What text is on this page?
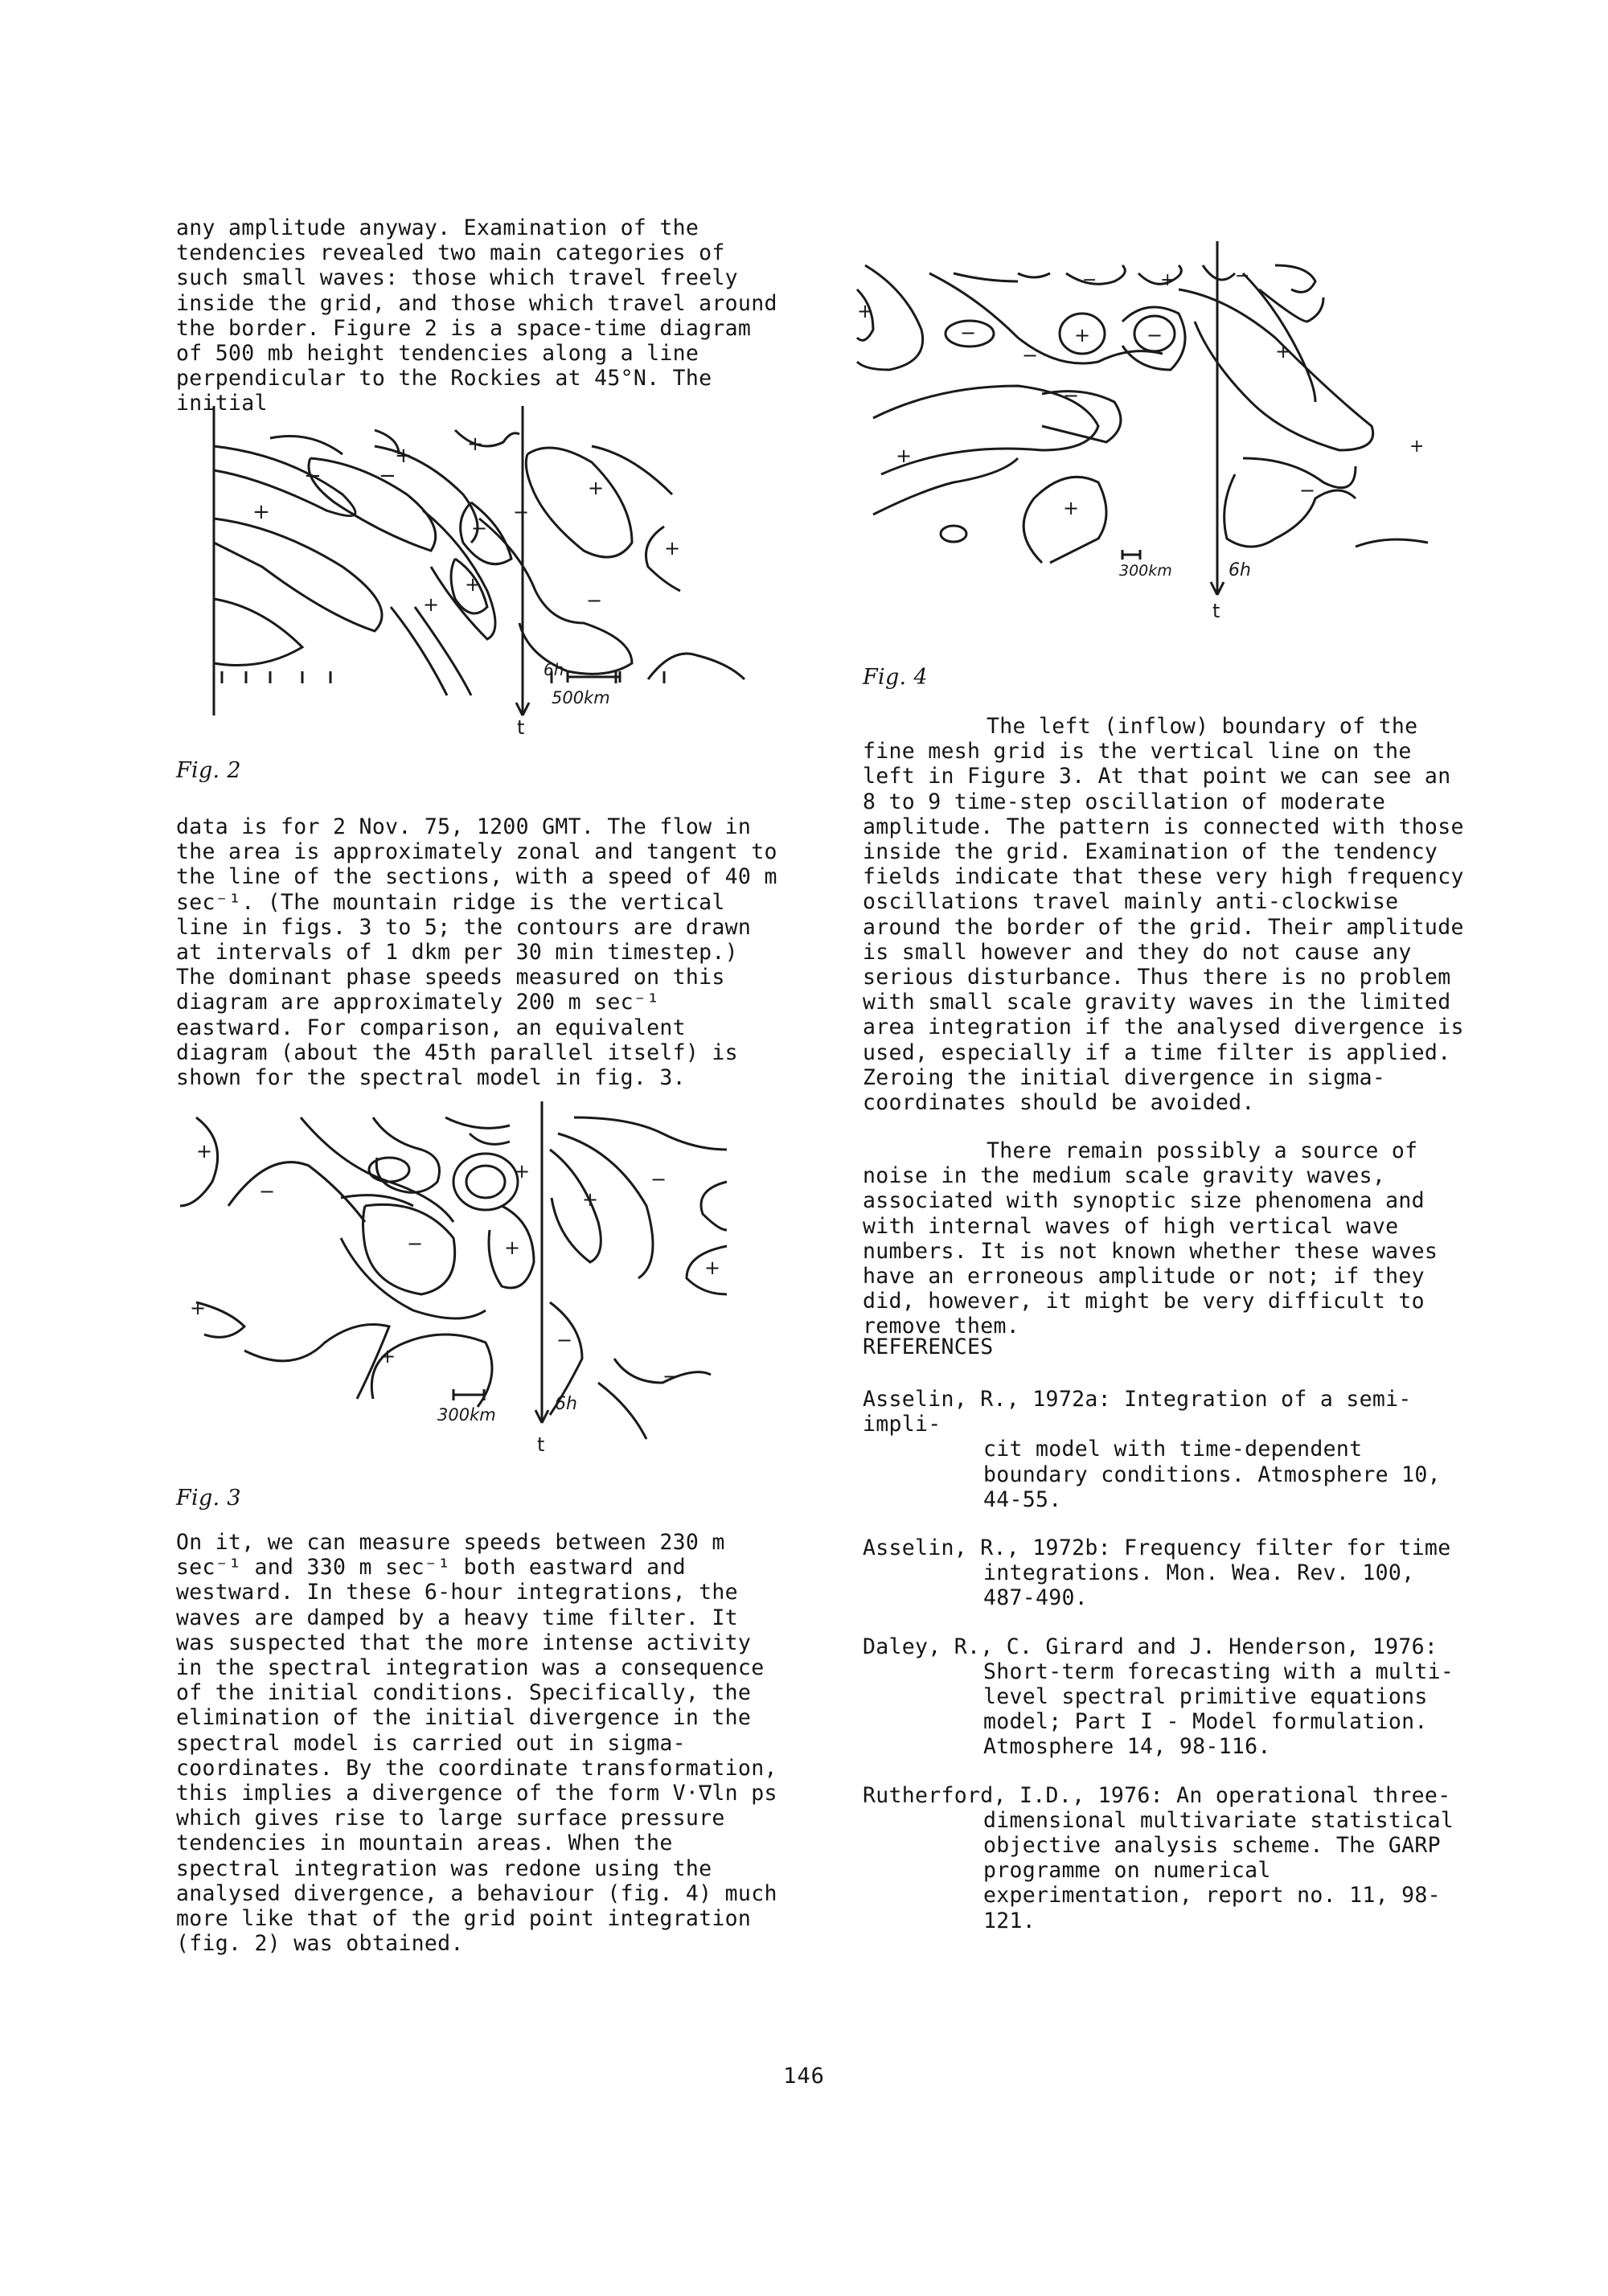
any amplitude anyway. Examination of the tendencies revealed two main categories of such small waves: those which travel freely inside the grid, and those which travel around the border. Figure 2 is a space-time diagram of 500 mb height tendencies along a line perpendicular to the Rockies at 45°N. The initial

+
−	−
+	+
−
+
+
−
+
−
+
6h
500km
t
Fig. 2

data is for 2 Nov. 75, 1200 GMT. The flow in the area is approximately zonal and tangent to the line of the sections, with a speed of 40 m sec⁻¹. (The mountain ridge is the vertical line in figs. 3 to 5; the contours are drawn at intervals of 1 dkm per 30 min timestep.) The dominant phase speeds measured on this diagram are approximately 200 m sec⁻¹ eastward. For comparison, an equivalent diagram (about the 45th parallel itself) is shown for the spectral model in fig. 3.

+
−
−
+
+
+
−
+
+
+
−
−
300km
6h
t
Fig. 3

On it, we can measure speeds between 230 m sec⁻¹ and 330 m sec⁻¹ both eastward and westward. In these 6-hour integrations, the waves are damped by a heavy time filter. It was suspected that the more intense activity in the spectral integration was a consequence of the initial conditions. Specifically, the elimination of the initial divergence in the spectral model is carried out in sigma-coordinates. By the coordinate transformation, this implies a divergence of the form V·∇ln ps which gives rise to large surface pressure tendencies in mountain areas. When the spectral integration was redone using the analysed divergence, a behaviour (fig. 4) much more like that of the grid point integration (fig. 2) was obtained.

+
−
−
+	−
+
−	−
−
+
+
−
+
+
300km	6h
t
Fig. 4

The left (inflow) boundary of the fine mesh grid is the vertical line on the left in Figure 3. At that point we can see an 8 to 9 time-step oscillation of moderate amplitude. The pattern is connected with those inside the grid. Examination of the tendency fields indicate that these very high frequency oscillations travel mainly anti-clockwise around the border of the grid. Their amplitude is small however and they do not cause any serious disturbance. Thus there is no problem with small scale gravity waves in the limited area integration if the analysed divergence is used, especially if a time filter is applied. Zeroing the initial divergence in sigma-coordinates should be avoided.

There remain possibly a source of noise in the medium scale gravity waves, associated with synoptic size phenomena and with internal waves of high vertical wave numbers. It is not known whether these waves have an erroneous amplitude or not; if they did, however, it might be very difficult to remove them.

REFERENCES

Asselin, R., 1972a: Integration of a semi-impli-
cit model with time-dependent boundary conditions. Atmosphere 10, 44-55.

Asselin, R., 1972b: Frequency filter for time
integrations. Mon. Wea. Rev. 100, 487-490.

Daley, R., C. Girard and J. Henderson, 1976:
Short-term forecasting with a multi-level spectral primitive equations model; Part I - Model formulation. Atmosphere 14, 98-116.

Rutherford, I.D., 1976: An operational three-
dimensional multivariate statistical objective analysis scheme. The GARP programme on numerical experimentation, report no. 11, 98-121.

146
